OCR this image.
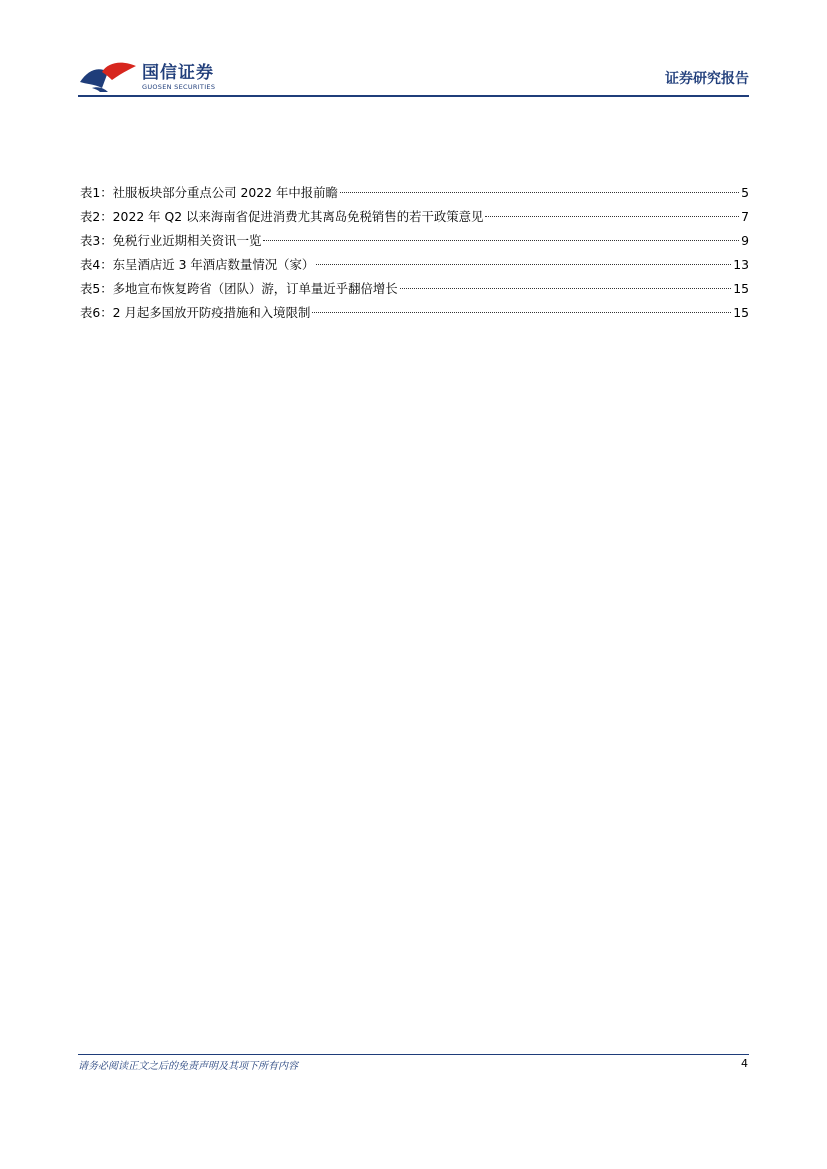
国信证券
GUOSEN SECURITIES	证券研究报告
表1： 社服板块部分重点公司 2022 年中报前瞻	5
表2： 2022 年 Q2 以来海南省促进消费尤其离岛免税销售的若干政策意见	7
表3： 免税行业近期相关资讯一览	9
表4： 东呈酒店近 3 年酒店数量情况（家）	13
表5： 多地宣布恢复跨省（团队）游，订单量近乎翻倍增长	15
表6： 2 月起多国放开防疫措施和入境限制	15
请务必阅读正文之后的免责声明及其项下所有内容	4
